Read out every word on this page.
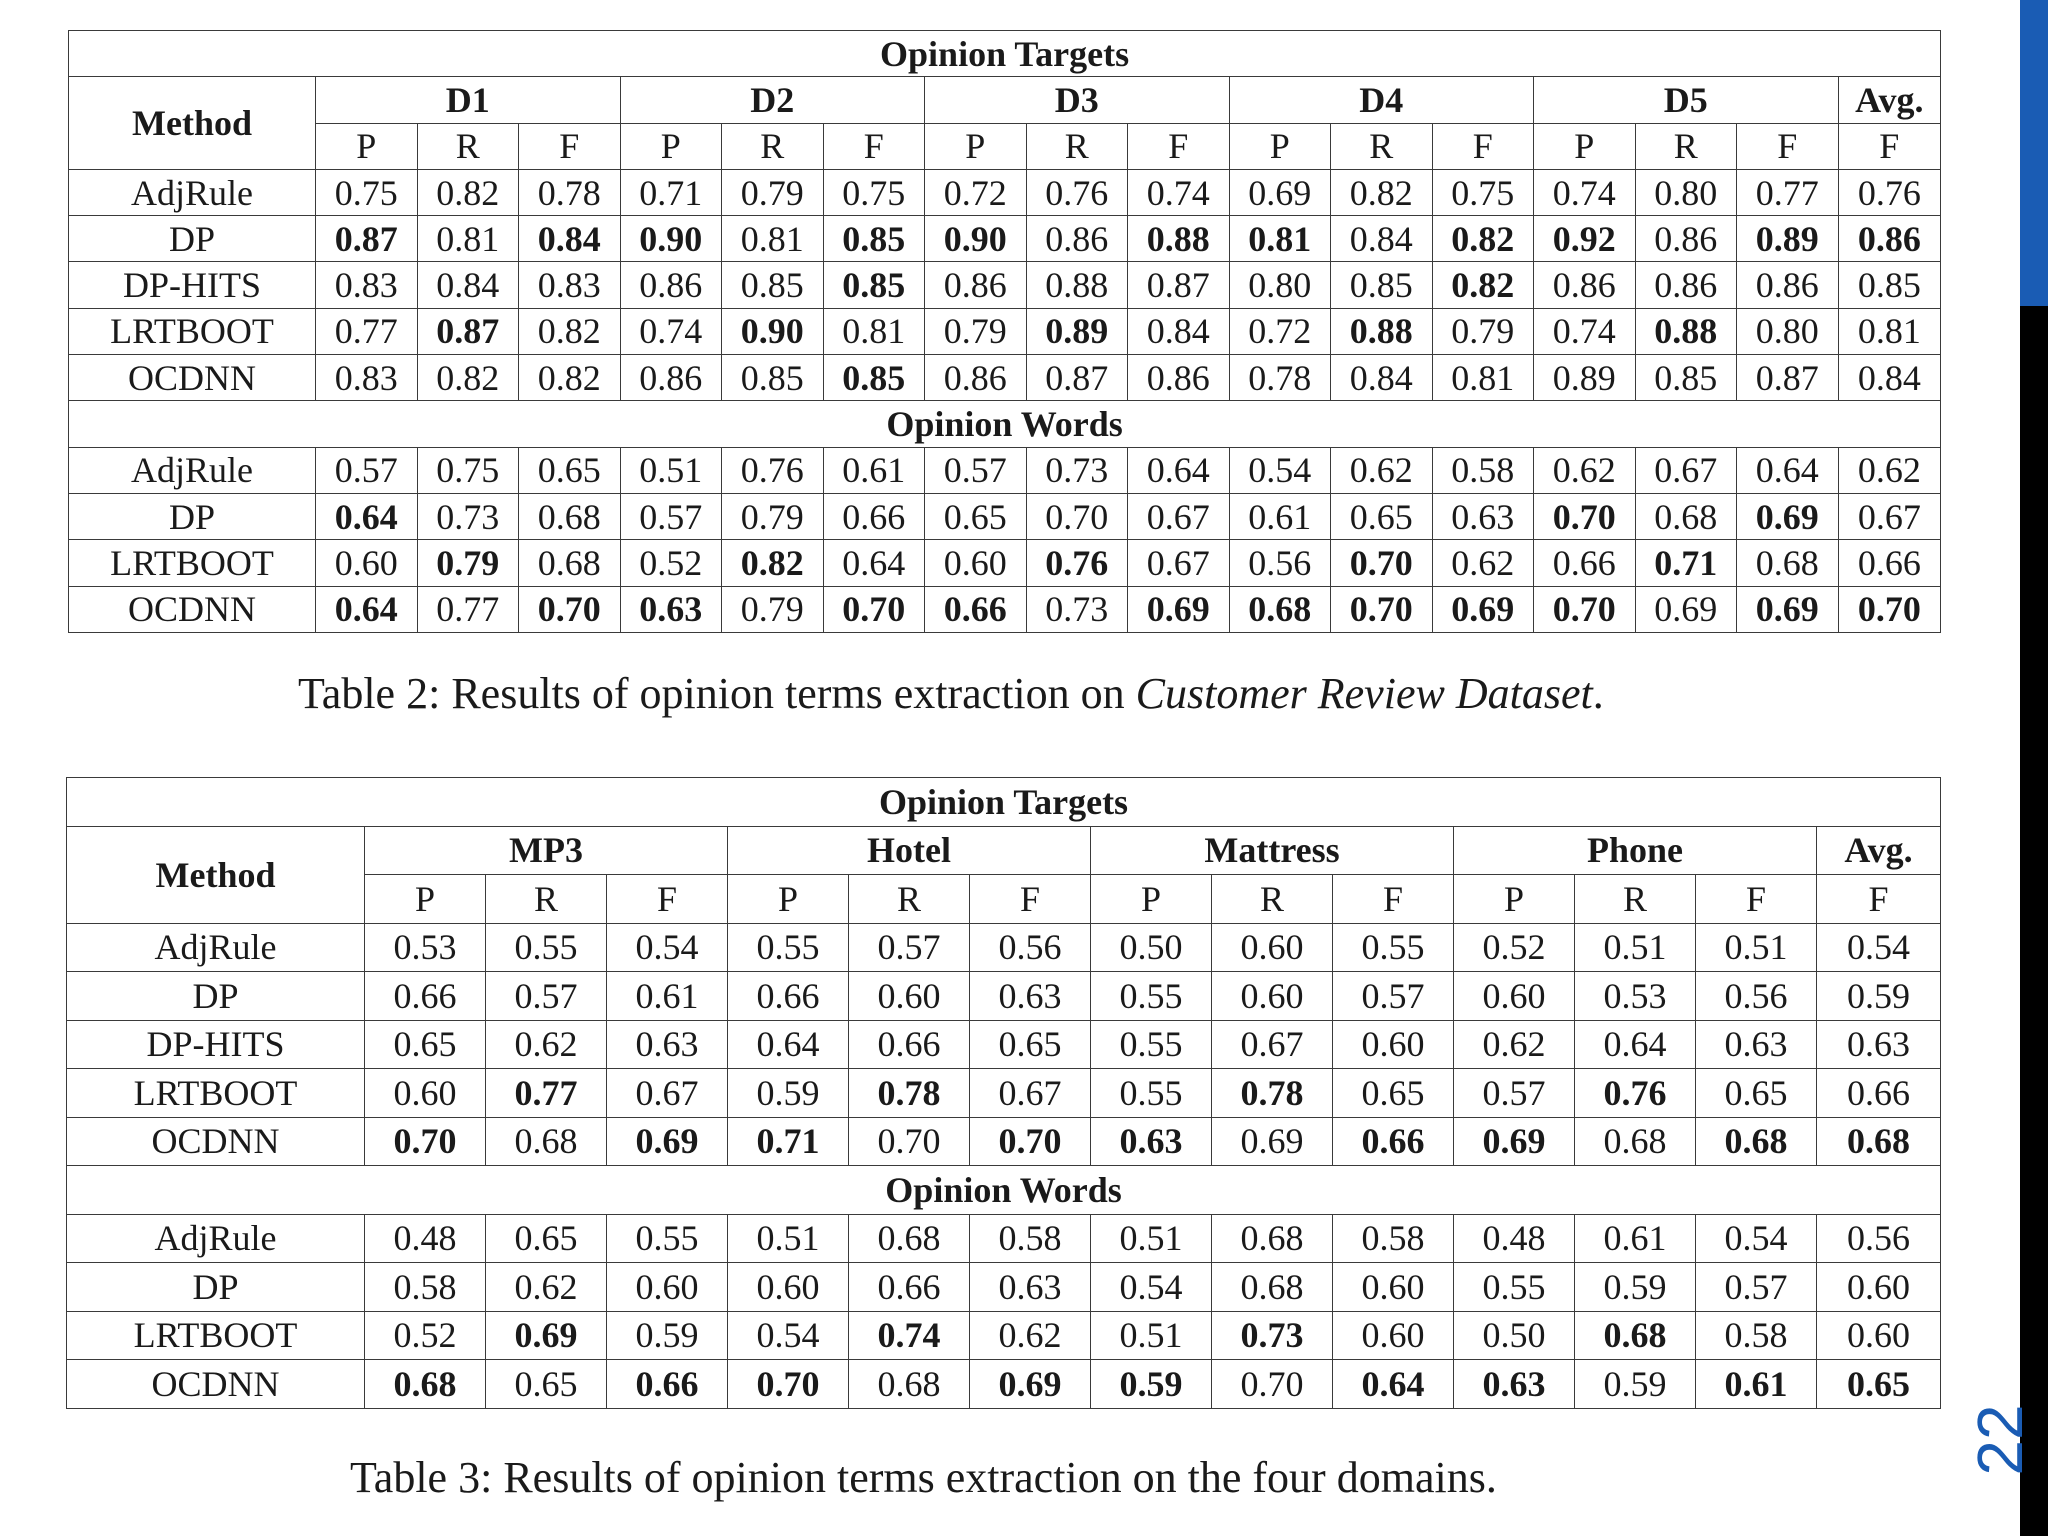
Opinion Targets																
Method	D1			D2			D3			D4			D5			Avg.
	P	R	F	P	R	F	P	R	F	P	R	F	P	R	F	F
AdjRule	0.75	0.82	0.78	0.71	0.79	0.75	0.72	0.76	0.74	0.69	0.82	0.75	0.74	0.80	0.77	0.76
DP	0.87	0.81	0.84	0.90	0.81	0.85	0.90	0.86	0.88	0.81	0.84	0.82	0.92	0.86	0.89	0.86
DP-HITS	0.83	0.84	0.83	0.86	0.85	0.85	0.86	0.88	0.87	0.80	0.85	0.82	0.86	0.86	0.86	0.85
LRTBOOT	0.77	0.87	0.82	0.74	0.90	0.81	0.79	0.89	0.84	0.72	0.88	0.79	0.74	0.88	0.80	0.81
OCDNN	0.83	0.82	0.82	0.86	0.85	0.85	0.86	0.87	0.86	0.78	0.84	0.81	0.89	0.85	0.87	0.84
Opinion Words																
AdjRule	0.57	0.75	0.65	0.51	0.76	0.61	0.57	0.73	0.64	0.54	0.62	0.58	0.62	0.67	0.64	0.62
DP	0.64	0.73	0.68	0.57	0.79	0.66	0.65	0.70	0.67	0.61	0.65	0.63	0.70	0.68	0.69	0.67
LRTBOOT	0.60	0.79	0.68	0.52	0.82	0.64	0.60	0.76	0.67	0.56	0.70	0.62	0.66	0.71	0.68	0.66
OCDNN	0.64	0.77	0.70	0.63	0.79	0.70	0.66	0.73	0.69	0.68	0.70	0.69	0.70	0.69	0.69	0.70
Table 2: Results of opinion terms extraction on Customer Review Dataset.
Opinion Targets													
Method	MP3			Hotel			Mattress			Phone			Avg.
	P	R	F	P	R	F	P	R	F	P	R	F	F
AdjRule	0.53	0.55	0.54	0.55	0.57	0.56	0.50	0.60	0.55	0.52	0.51	0.51	0.54
DP	0.66	0.57	0.61	0.66	0.60	0.63	0.55	0.60	0.57	0.60	0.53	0.56	0.59
DP-HITS	0.65	0.62	0.63	0.64	0.66	0.65	0.55	0.67	0.60	0.62	0.64	0.63	0.63
LRTBOOT	0.60	0.77	0.67	0.59	0.78	0.67	0.55	0.78	0.65	0.57	0.76	0.65	0.66
OCDNN	0.70	0.68	0.69	0.71	0.70	0.70	0.63	0.69	0.66	0.69	0.68	0.68	0.68
Opinion Words													
AdjRule	0.48	0.65	0.55	0.51	0.68	0.58	0.51	0.68	0.58	0.48	0.61	0.54	0.56
DP	0.58	0.62	0.60	0.60	0.66	0.63	0.54	0.68	0.60	0.55	0.59	0.57	0.60
LRTBOOT	0.52	0.69	0.59	0.54	0.74	0.62	0.51	0.73	0.60	0.50	0.68	0.58	0.60
OCDNN	0.68	0.65	0.66	0.70	0.68	0.69	0.59	0.70	0.64	0.63	0.59	0.61	0.65
Table 3: Results of opinion terms extraction on the four domains.
22
